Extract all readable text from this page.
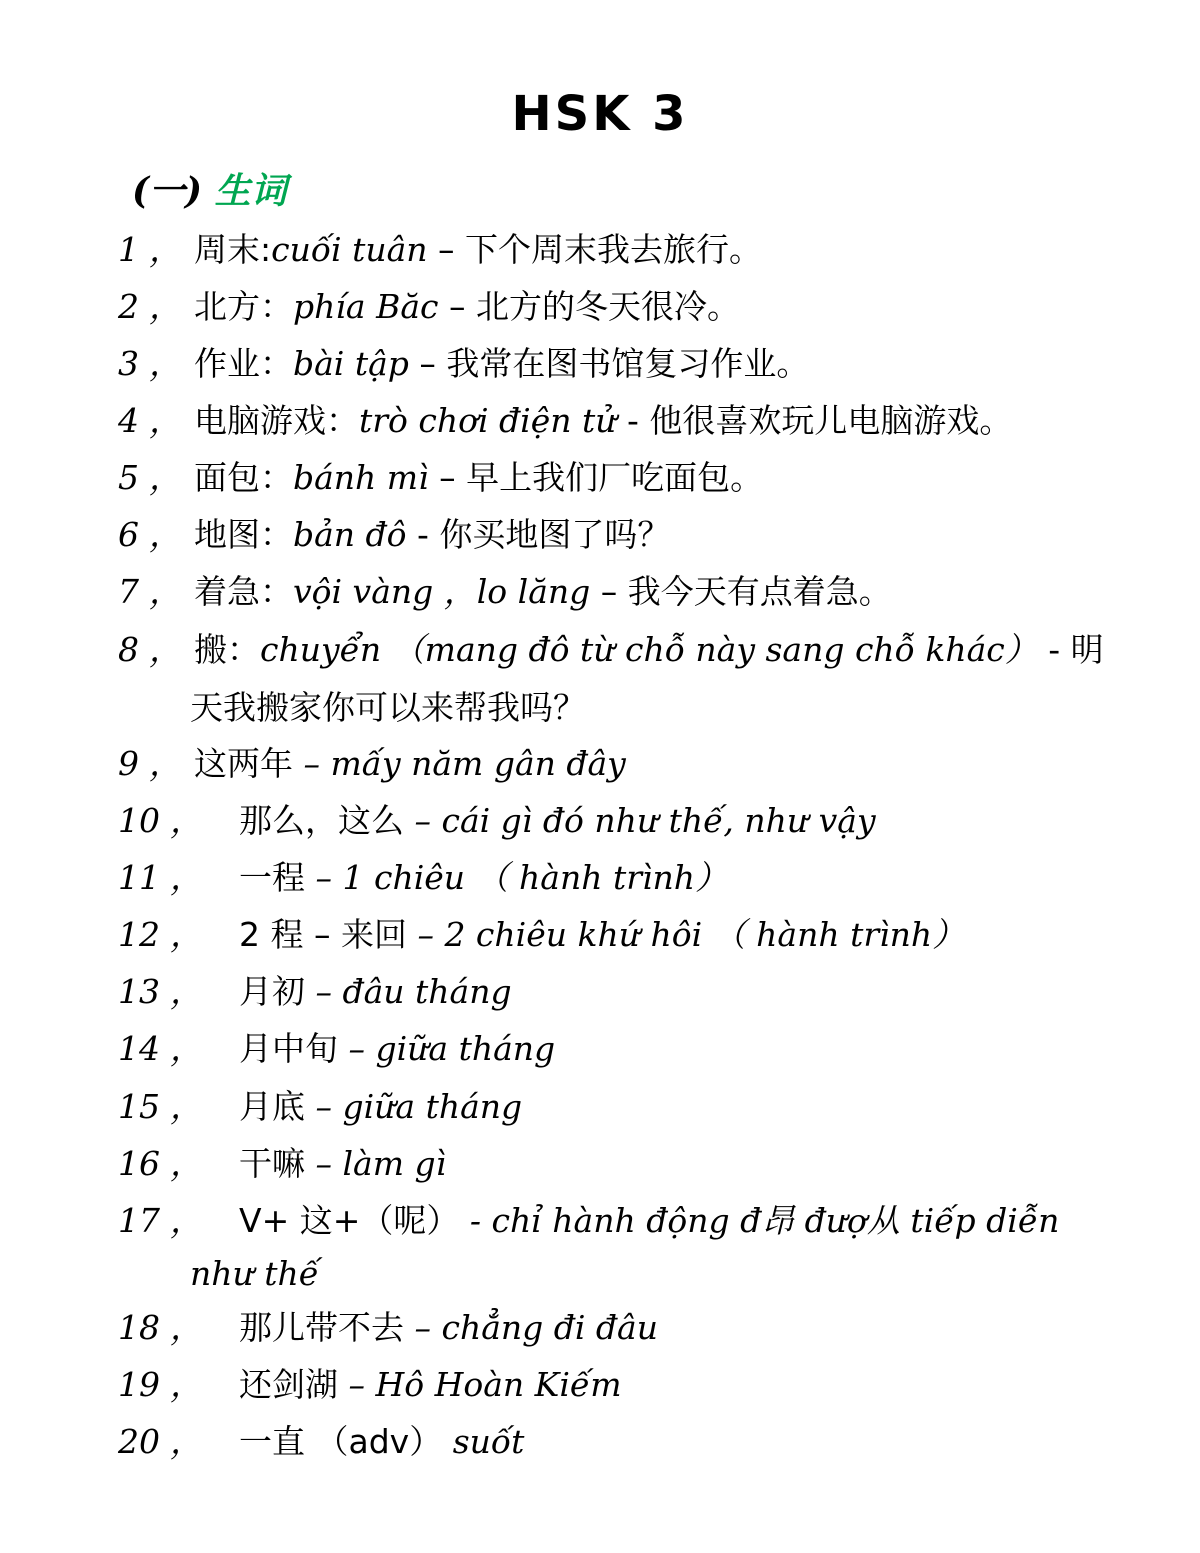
HSK 3
(一) 生词
1 ， 周末:cuối tuân – 下个周末我去旅行。
2 ， 北方：phía Băc – 北方的冬天很冷。
3 ， 作业：bài tập – 我常在图书馆复习作业。
4 ， 电脑游戏：trò chơi điện tử - 他很喜欢玩儿电脑游戏。
5 ， 面包：bánh mì – 早上我们厂吃面包。
6 ， 地图：bản đô - 你买地图了吗？
7 ， 着急：vội vàng ，lo lăng – 我今天有点着急。
8 ， 搬：chuyển （mang đô từ chỗ này sang chỗ khác） - 明
天我搬家你可以来帮我吗？
9 ， 这两年 – mấy năm gân đây
10 ， 那么，这么 – cái gì đó như thế, như vậy
11 ， 一程 – 1 chiêu （ hành trình）
12 ， 2 程 – 来回 – 2 chiêu khứ hôi （ hành trình）
13 ， 月初 – đâu tháng
14 ， 月中旬 – giữa tháng
15 ， 月底 – giữa tháng
16 ， 干嘛 – làm gì
17 ， V+ 这+（呢） - chỉ hành động đ昂 đượ从 tiếp diễn
như thế
18 ， 那儿带不去 – chẳng đi đâu
19 ， 还剑湖 – Hô Hoàn Kiếm
20 ， 一直 （adv） suốt
